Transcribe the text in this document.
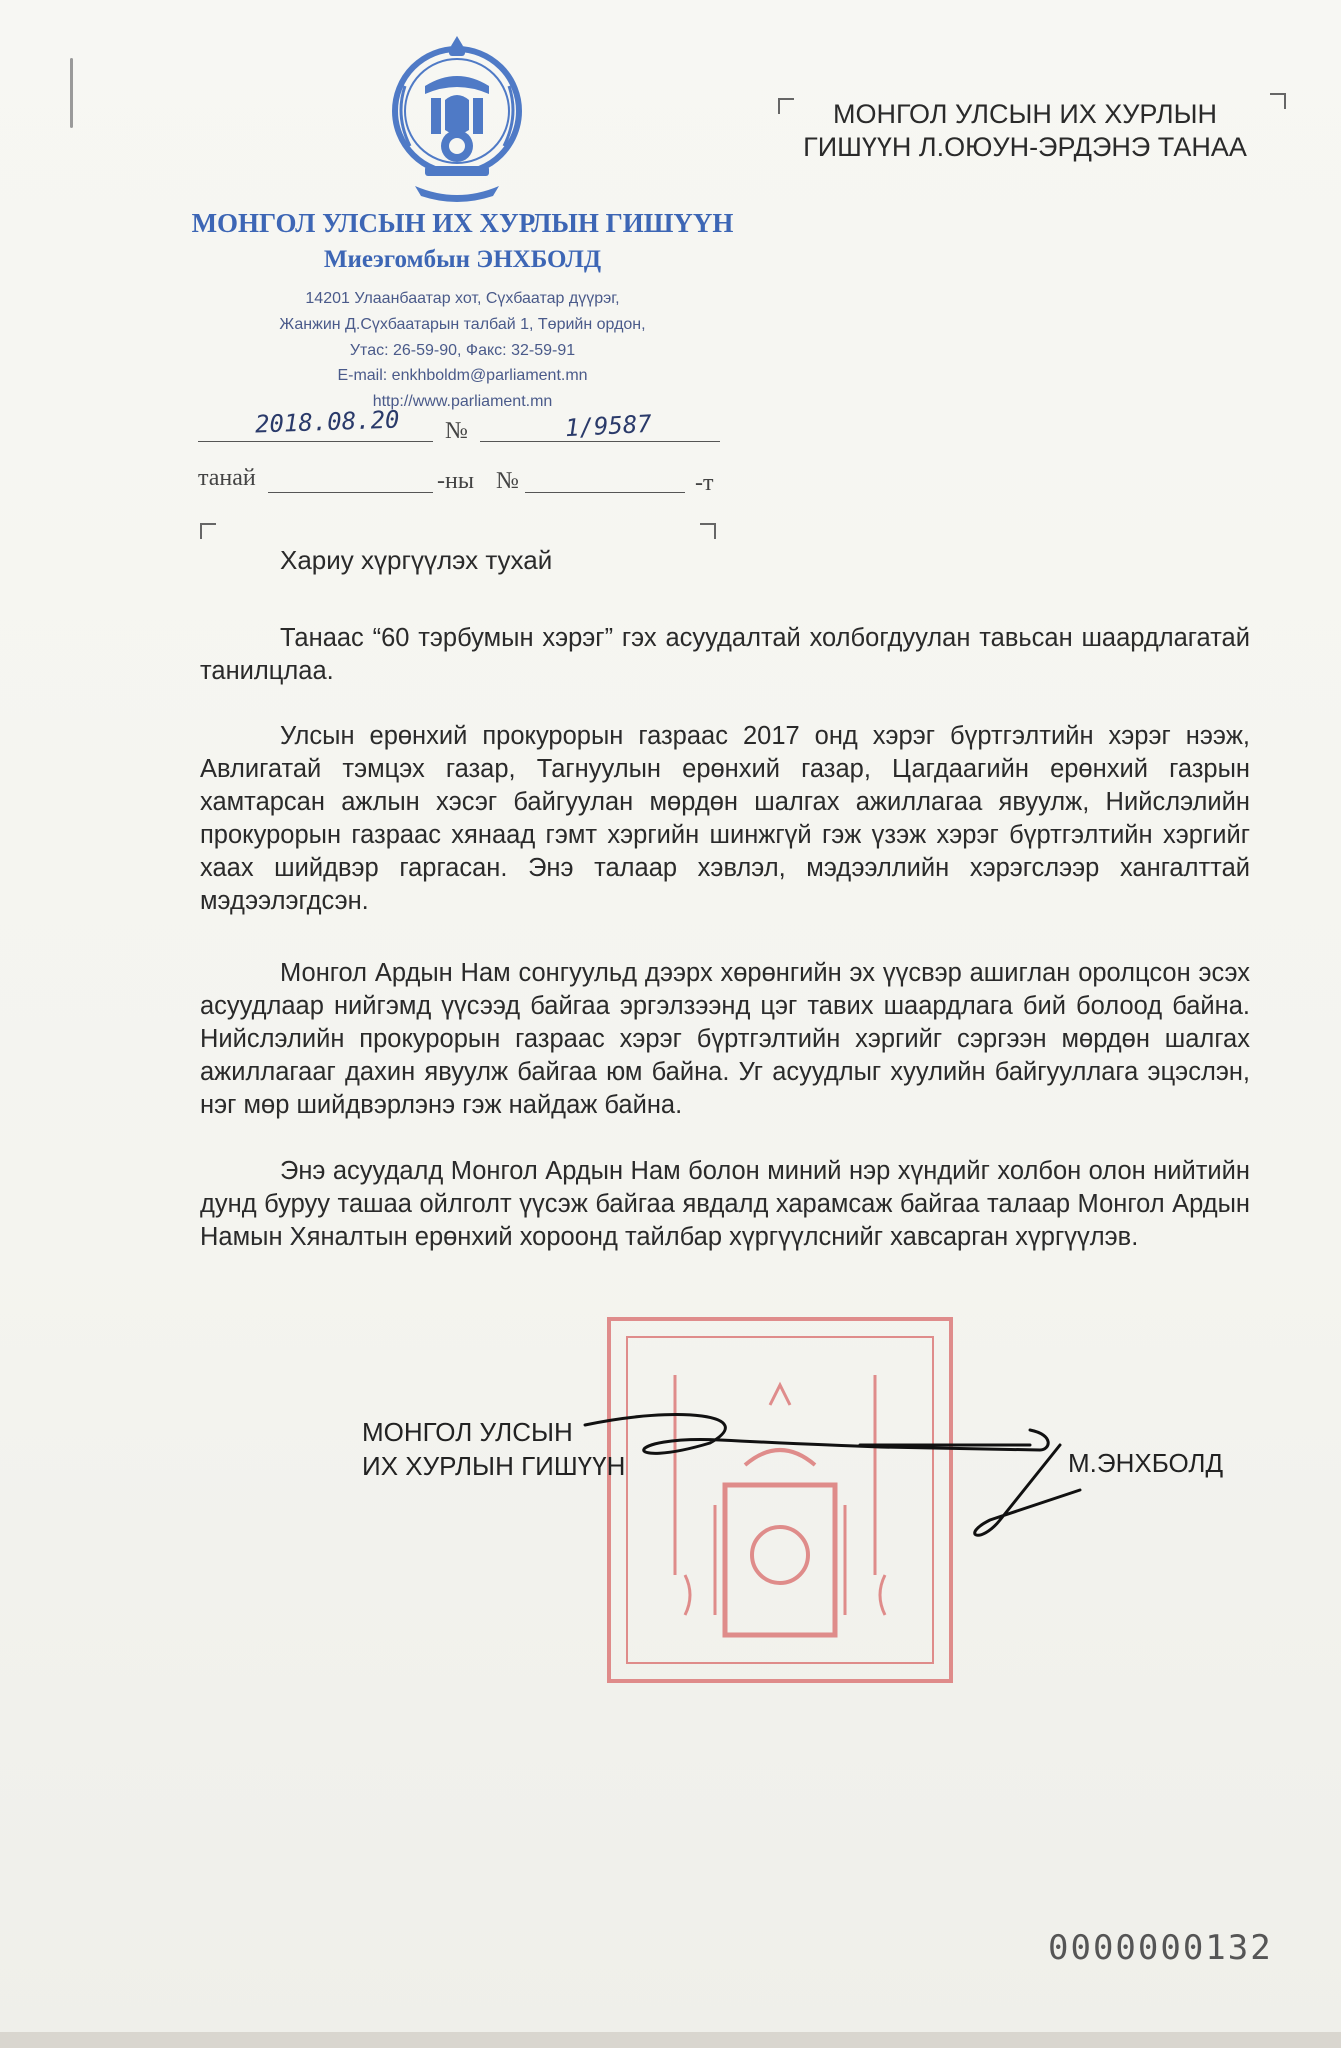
МОНГОЛ УЛСЫН ИХ ХУРЛЫН ГИШҮҮН
Миеэгомбын ЭНХБОЛД
14201 Улаанбаатар хот, Сүхбаатар дүүрэг,
Жанжин Д.Сүхбаатарын талбай 1, Төрийн ордон,
Утас: 26-59-90, Факс: 32-59-91
E-mail: enkhboldm@parliament.mn
http://www.parliament.mn
2018.08.20 №	1/9587
танай	-ны №	-т
МОНГОЛ УЛСЫН ИХ ХУРЛЫН
ГИШҮҮН Л.ОЮУН-ЭРДЭНЭ ТАНАА
Хариу хүргүүлэх тухай

Танаас “60 тэрбумын хэрэг” гэх асуудалтай холбогдуулан тавьсан шаардлагатай танилцлаа.

Улсын ерөнхий прокурорын газраас 2017 онд хэрэг бүртгэлтийн хэрэг нээж, Авлигатай тэмцэх газар, Тагнуулын ерөнхий газар, Цагдаагийн ерөнхий газрын хамтарсан ажлын хэсэг байгуулан мөрдөн шалгах ажиллагаа явуулж, Нийслэлийн прокурорын газраас хянаад гэмт хэргийн шинжгүй гэж үзэж хэрэг бүртгэлтийн хэргийг хаах шийдвэр гаргасан. Энэ талаар хэвлэл, мэдээллийн хэрэгслээр хангалттай мэдээлэгдсэн.

Монгол Ардын Нам сонгуульд дээрх хөрөнгийн эх үүсвэр ашиглан оролцсон эсэх асуудлаар нийгэмд үүсээд байгаа эргэлзээнд цэг тавих шаардлага бий болоод байна. Нийслэлийн прокурорын газраас хэрэг бүртгэлтийн хэргийг сэргээн мөрдөн шалгах ажиллагааг дахин явуулж байгаа юм байна. Уг асуудлыг хуулийн байгууллага эцэслэн, нэг мөр шийдвэрлэнэ гэж найдаж байна.

Энэ асуудалд Монгол Ардын Нам болон миний нэр хүндийг холбон олон нийтийн дунд буруу ташаа ойлголт үүсэж байгаа явдалд харамсаж байгаа талаар Монгол Ардын Намын Хяналтын ерөнхий хороонд тайлбар хүргүүлснийг хавсарган хүргүүлэв.

МОНГОЛ УЛСЫН
ИХ ХУРЛЫН ГИШҮҮН	М.ЭНХБОЛД
0000000132
